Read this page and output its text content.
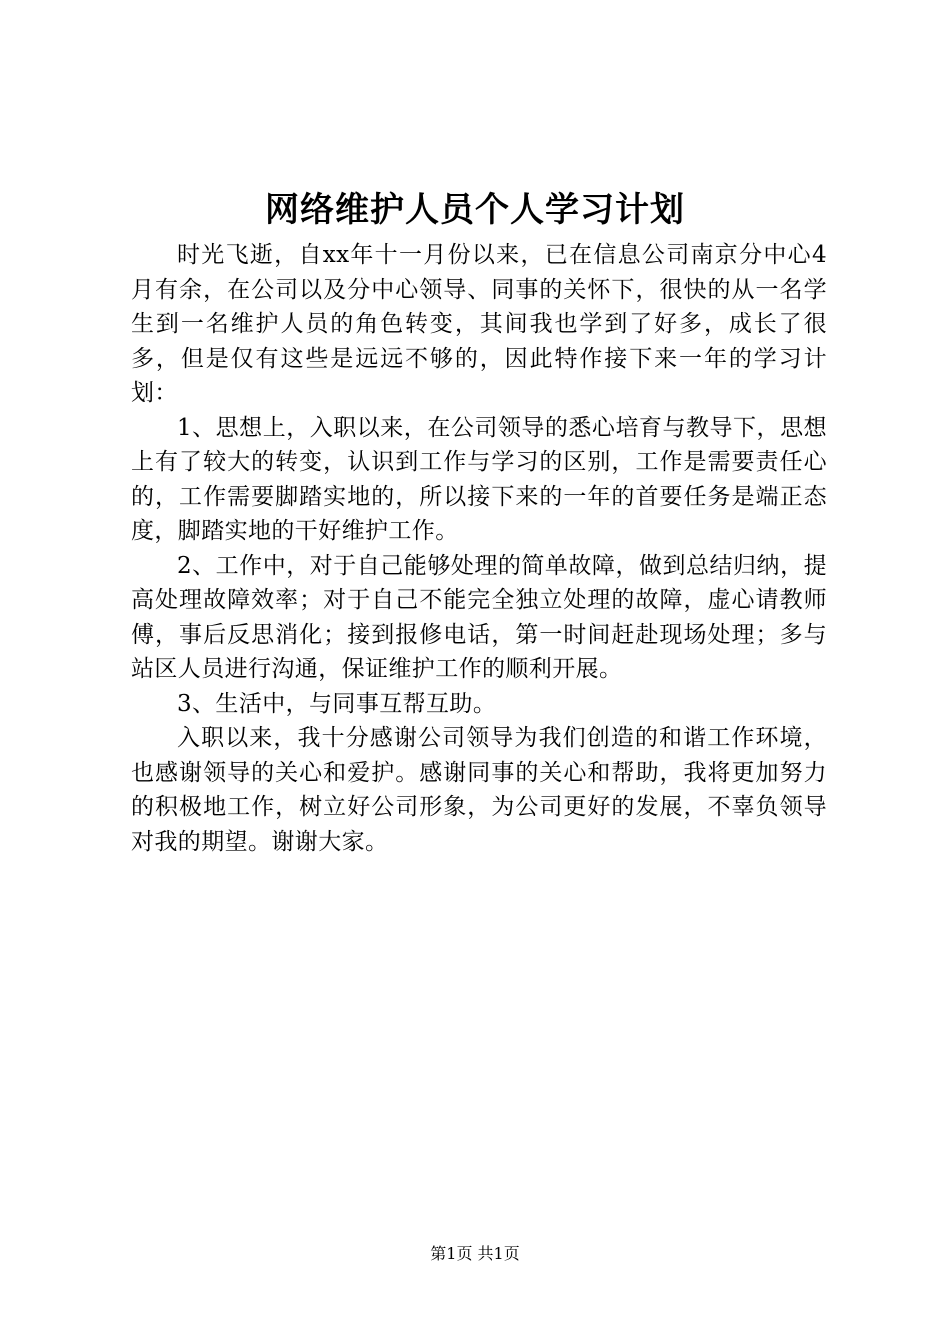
网络维护人员个人学习计划

时光飞逝，自xx年十一月份以来，已在信息公司南京分中心4月有余，在公司以及分中心领导、同事的关怀下，很快的从一名学生到一名维护人员的角色转变，其间我也学到了好多，成长了很多，但是仅有这些是远远不够的，因此特作接下来一年的学习计划：

1、思想上，入职以来，在公司领导的悉心培育与教导下，思想上有了较大的转变，认识到工作与学习的区别，工作是需要责任心的，工作需要脚踏实地的，所以接下来的一年的首要任务是端正态度，脚踏实地的干好维护工作。

2、工作中，对于自己能够处理的简单故障，做到总结归纳，提高处理故障效率；对于自己不能完全独立处理的故障，虚心请教师傅，事后反思消化；接到报修电话，第一时间赶赴现场处理；多与站区人员进行沟通，保证维护工作的顺利开展。

3、生活中，与同事互帮互助。

入职以来，我十分感谢公司领导为我们创造的和谐工作环境，也感谢领导的关心和爱护。感谢同事的关心和帮助，我将更加努力的积极地工作，树立好公司形象，为公司更好的发展，不辜负领导对我的期望。谢谢大家。

第1页 共1页
